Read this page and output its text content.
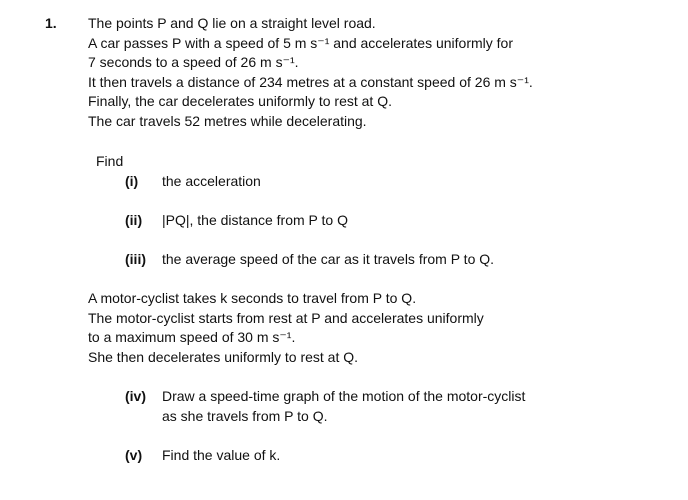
1. The points P and Q lie on a straight level road.
A car passes P with a speed of 5 m s⁻¹ and accelerates uniformly for
7 seconds to a speed of 26 m s⁻¹.
It then travels a distance of 234 metres at a constant speed of 26 m s⁻¹.
Finally, the car decelerates uniformly to rest at Q.
The car travels 52 metres while decelerating.
Find
(i) the acceleration
(ii) |PQ|, the distance from P to Q
(iii) the average speed of the car as it travels from P to Q.
A motor-cyclist takes k seconds to travel from P to Q.
The motor-cyclist starts from rest at P and accelerates uniformly
to a maximum speed of 30 m s⁻¹.
She then decelerates uniformly to rest at Q.
(iv) Draw a speed-time graph of the motion of the motor-cyclist
as she travels from P to Q.
(v) Find the value of k.
